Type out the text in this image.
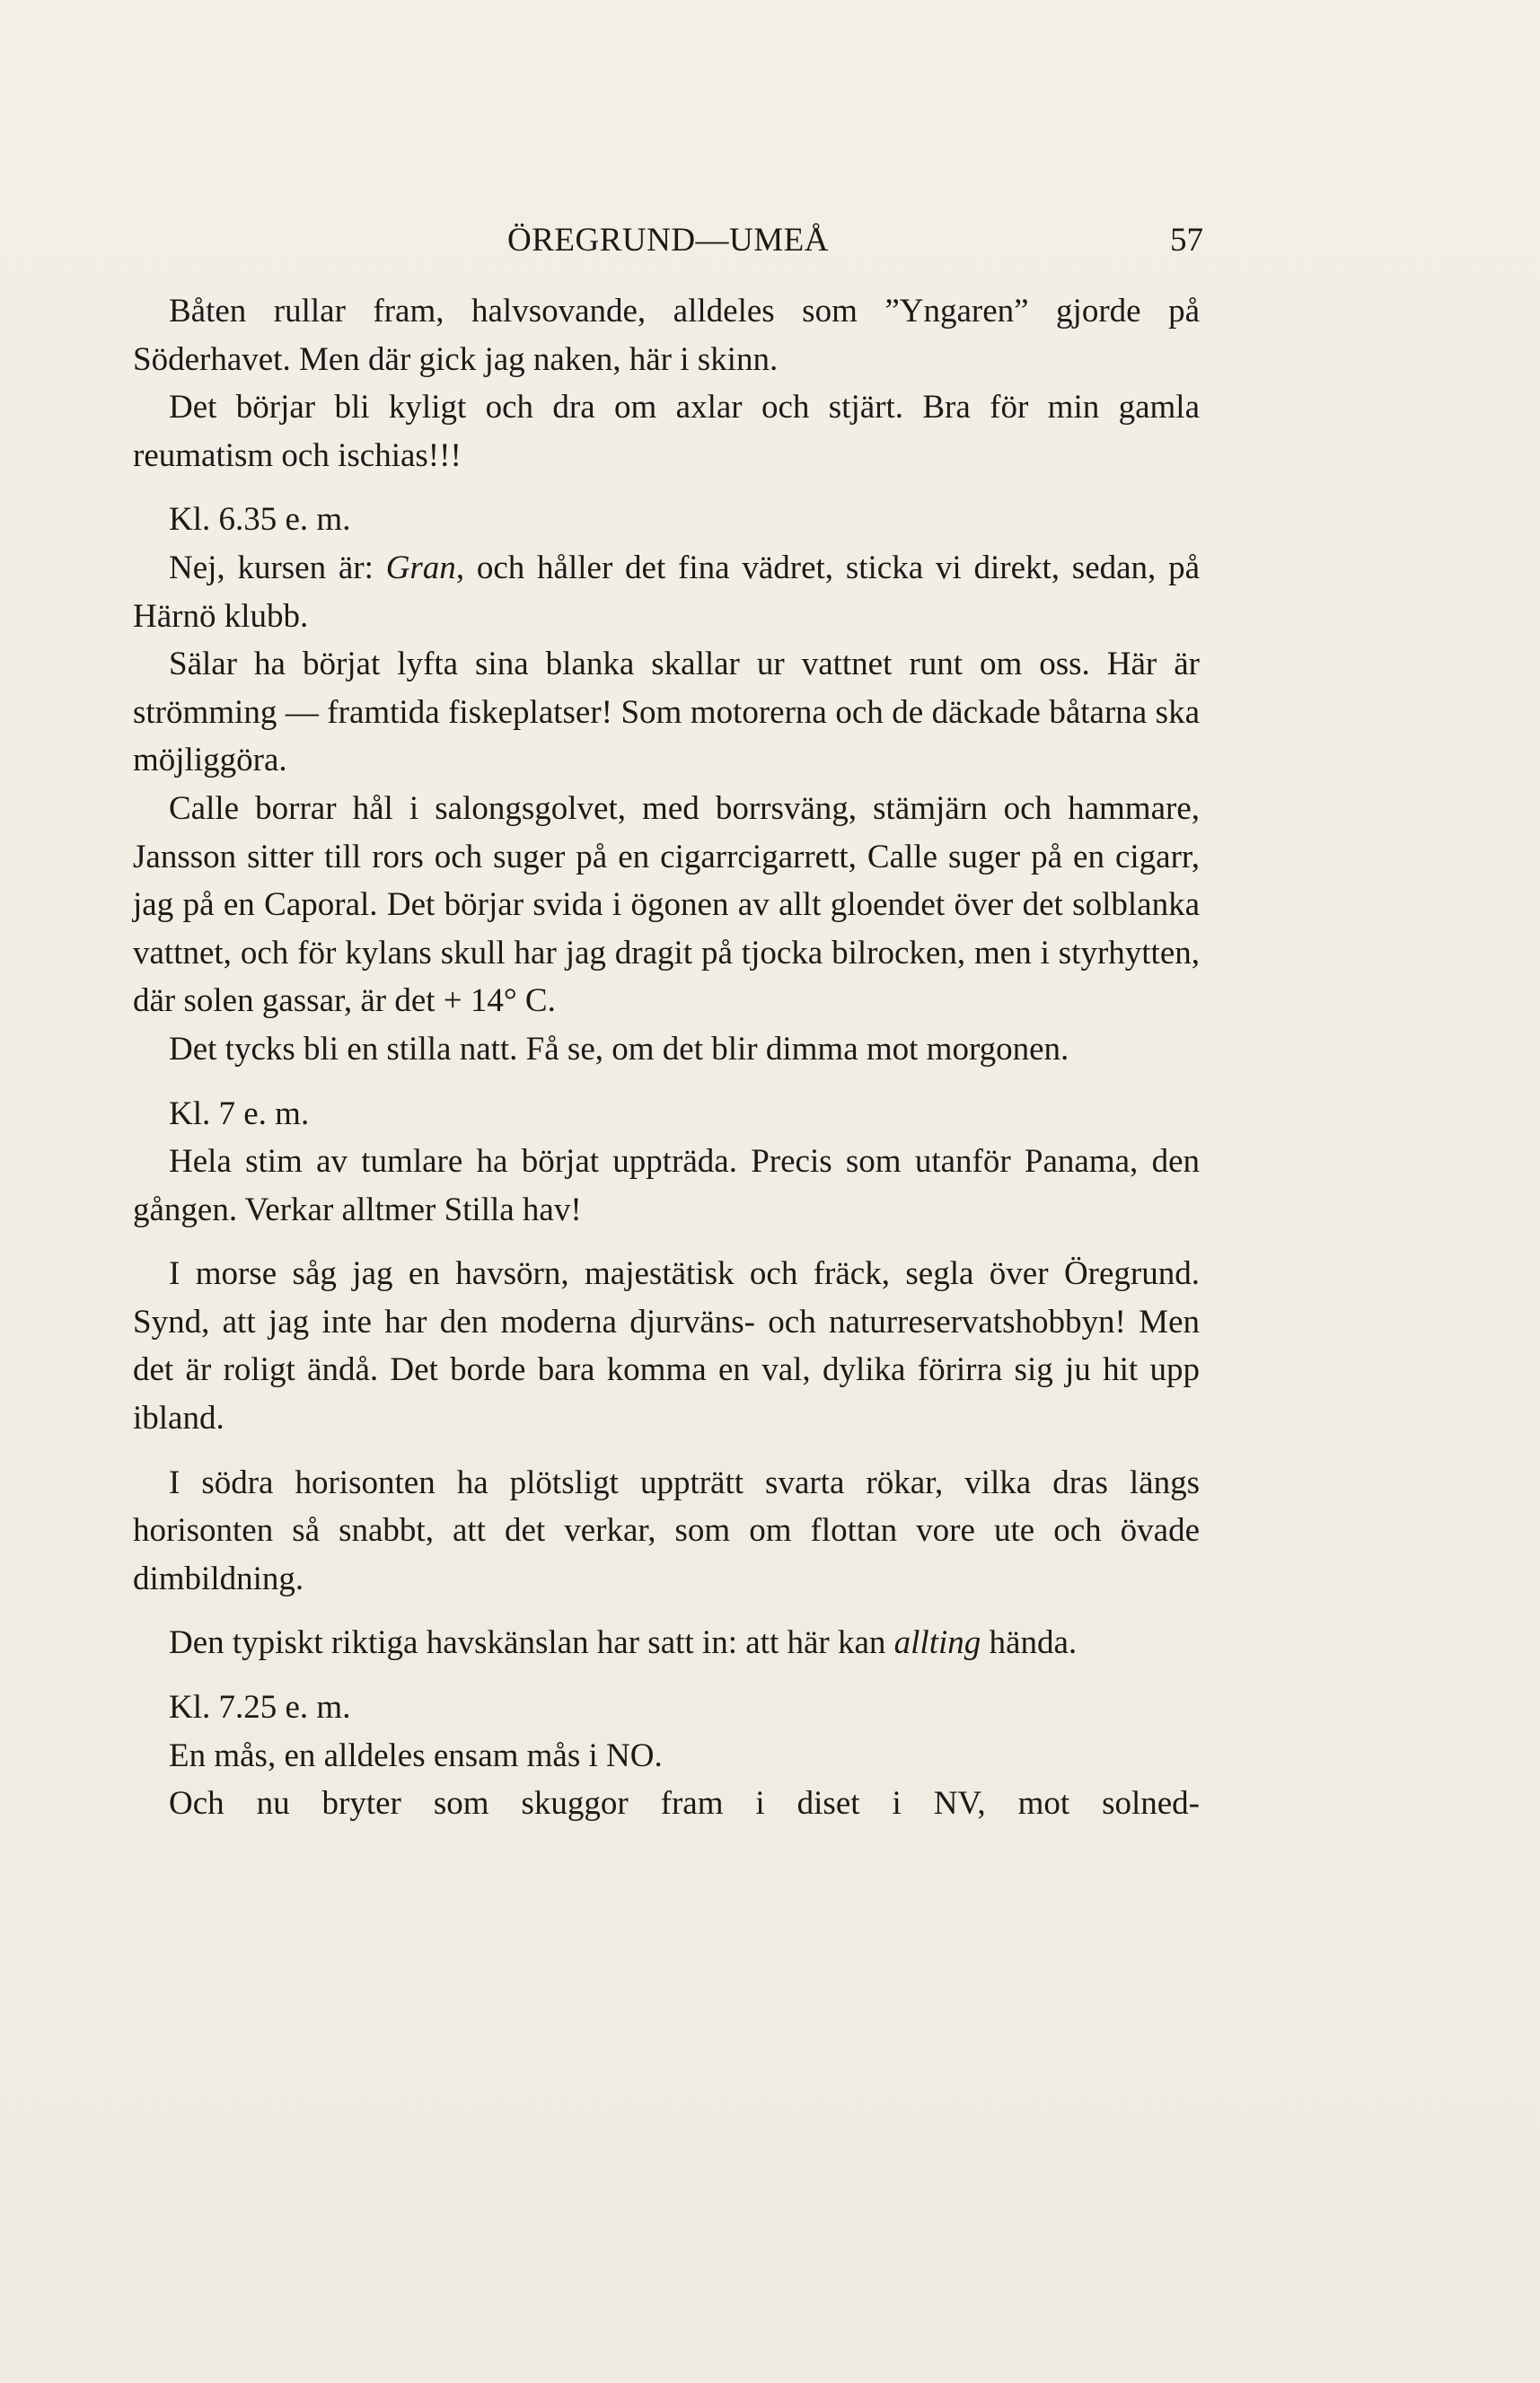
ÖREGRUND—UMEÅ	57

Båten rullar fram, halvsovande, alldeles som ”Yngaren” gjorde på Söderhavet. Men där gick jag naken, här i skinn.

Det börjar bli kyligt och dra om axlar och stjärt. Bra för min gamla reumatism och ischias!!!

Kl. 6.35 e. m.

Nej, kursen är: Gran, och håller det fina vädret, sticka vi direkt, sedan, på Härnö klubb.

Sälar ha börjat lyfta sina blanka skallar ur vattnet runt om oss. Här är strömming — framtida fiskeplatser! Som motorerna och de däckade båtarna ska möjliggöra.

Calle borrar hål i salongsgolvet, med borrsväng, stämjärn och hammare, Jansson sitter till rors och suger på en cigarrcigarrett, Calle suger på en cigarr, jag på en Caporal. Det börjar svida i ögonen av allt gloendet över det solblanka vattnet, och för kylans skull har jag dragit på tjocka bilrocken, men i styrhytten, där solen gassar, är det + 14° C.

Det tycks bli en stilla natt. Få se, om det blir dimma mot morgonen.

Kl. 7 e. m.

Hela stim av tumlare ha börjat uppträda. Precis som utanför Panama, den gången. Verkar alltmer Stilla hav!

I morse såg jag en havsörn, majestätisk och fräck, segla över Öregrund. Synd, att jag inte har den moderna djurväns- och naturreservatshobbyn! Men det är roligt ändå. Det borde bara komma en val, dylika förirra sig ju hit upp ibland.

I södra horisonten ha plötsligt uppträtt svarta rökar, vilka dras längs horisonten så snabbt, att det verkar, som om flottan vore ute och övade dimbildning.

Den typiskt riktiga havskänslan har satt in: att här kan allting hända.

Kl. 7.25 e. m.

En mås, en alldeles ensam mås i NO.

Och nu bryter som skuggor fram i diset i NV, mot solned-
